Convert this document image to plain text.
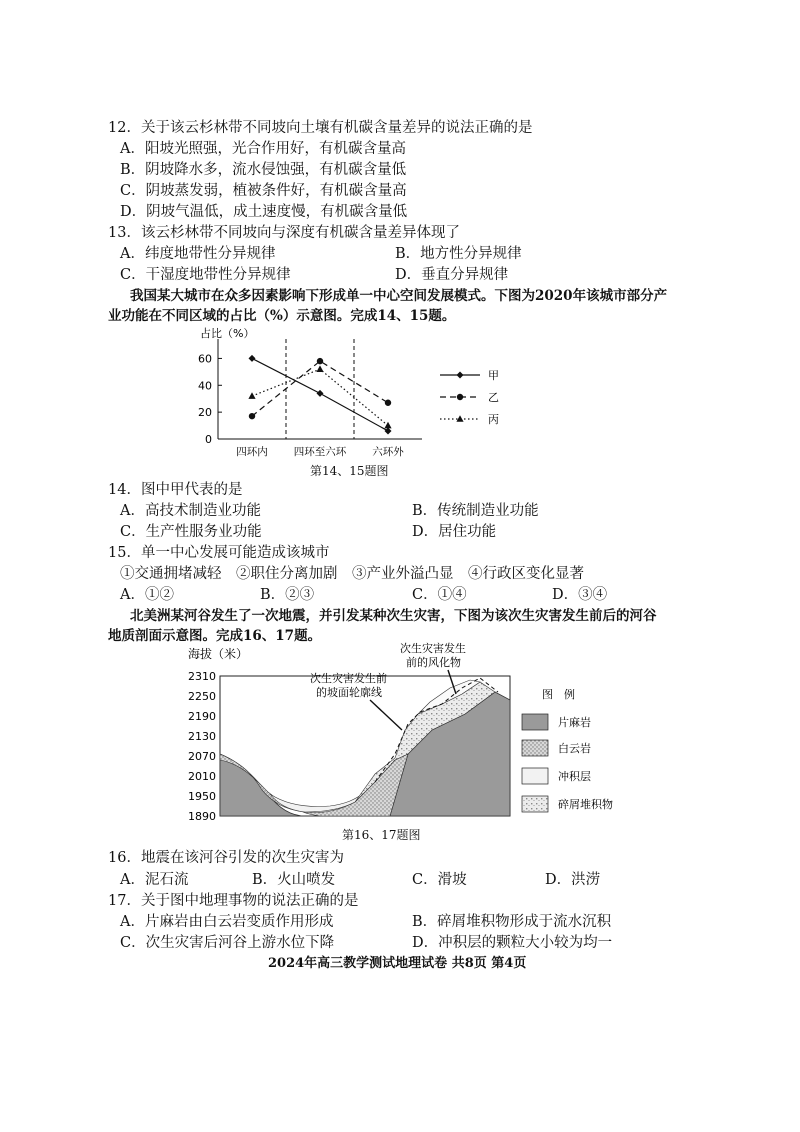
12．关于该云杉林带不同坡向土壤有机碳含量差异的说法正确的是
A．阳坡光照强，光合作用好，有机碳含量高
B．阴坡降水多，流水侵蚀强，有机碳含量低
C．阴坡蒸发弱，植被条件好，有机碳含量高
D．阴坡气温低，成土速度慢，有机碳含量低
13．该云杉林带不同坡向与深度有机碳含量差异体现了
A．纬度地带性分异规律	B．地方性分异规律
C．干湿度地带性分异规律	D．垂直分异规律
我国某大城市在众多因素影响下形成单一中心空间发展模式。下图为2020年该城市部分产
业功能在不同区域的占比（%）示意图。完成14、15题。
占比（%）
0
20
40
60
四环内 四环至六环 六环外
甲
乙
丙
第14、15题图
14．图中甲代表的是
A．高技术制造业功能	B．传统制造业功能
C．生产性服务业功能	D．居住功能
15．单一中心发展可能造成该城市
①交通拥堵减轻　②职住分离加剧　③产业外溢凸显　④行政区变化显著
A．①②	B．②③	C．①④	D．③④
北美洲某河谷发生了一次地震，并引发某种次生灾害，下图为该次生灾害发生前后的河谷
地质剖面示意图。完成16、17题。
海拔（米）
2310
2250
2190
2130
2070
2010
1950
1890
次生灾害发生前
的坡面轮廓线
次生灾害发生
前的风化物
图　例
片麻岩
白云岩
冲积层
碎屑堆积物
第16、17题图
16．地震在该河谷引发的次生灾害为
A．泥石流	B．火山喷发	C．滑坡	D．洪涝
17．关于图中地理事物的说法正确的是
A．片麻岩由白云岩变质作用形成	B．碎屑堆积物形成于流水沉积
C．次生灾害后河谷上游水位下降	D．冲积层的颗粒大小较为均一
2024年高三教学测试地理试卷 共8页 第4页
